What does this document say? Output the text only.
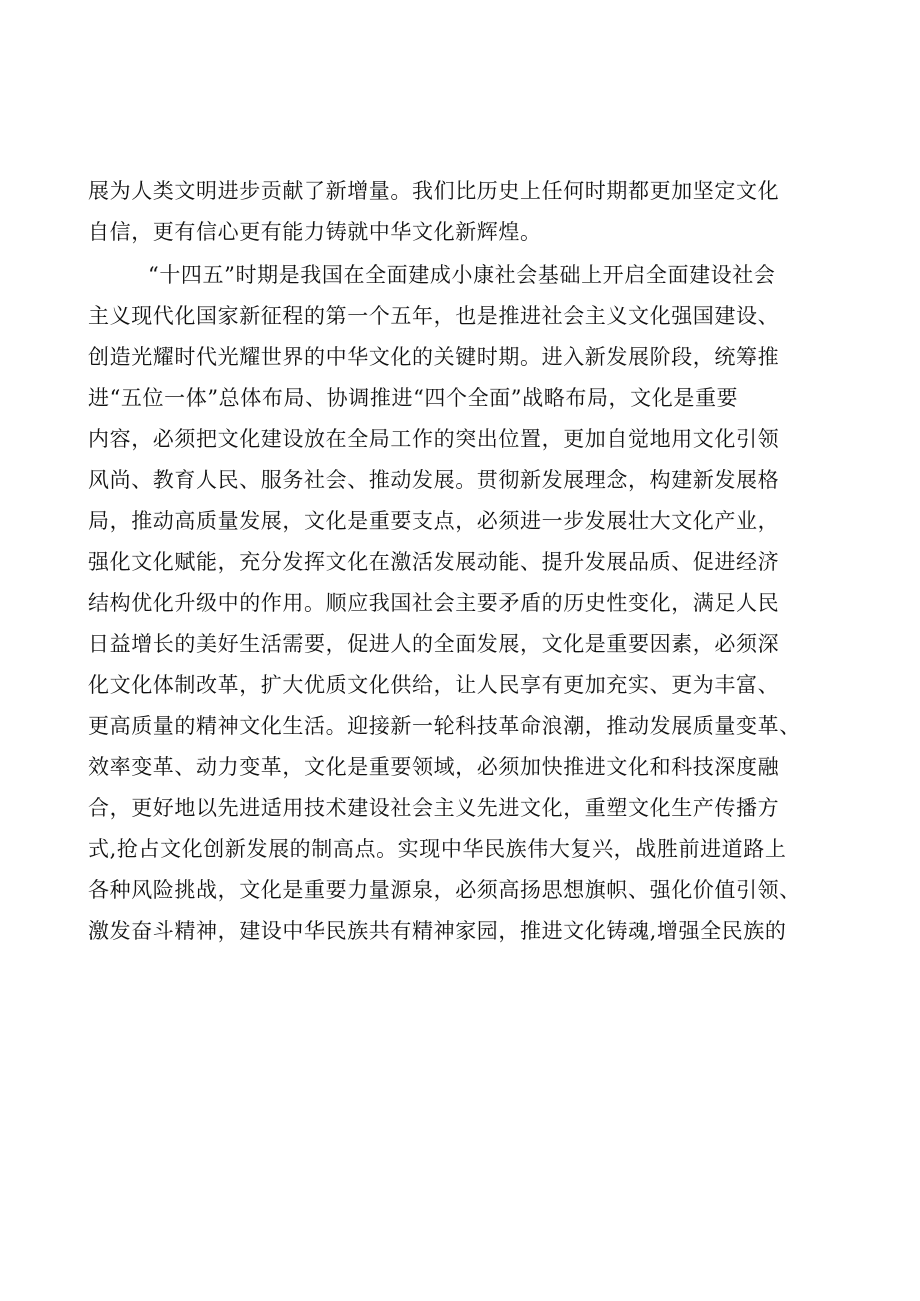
展为人类文明进步贡献了新增量。我们比历史上任何时期都更加坚定文化
自信，更有信心更有能力铸就中华文化新辉煌。
“十四五”时期是我国在全面建成小康社会基础上开启全面建设社会
主义现代化国家新征程的第一个五年，也是推进社会主义文化强国建设、
创造光耀时代光耀世界的中华文化的关键时期。进入新发展阶段，统筹推
进“五位一体”总体布局、协调推进“四个全面”战略布局，文化是重要
内容，必须把文化建设放在全局工作的突出位置，更加自觉地用文化引领
风尚、教育人民、服务社会、推动发展。贯彻新发展理念，构建新发展格
局，推动高质量发展，文化是重要支点，必须进一步发展壮大文化产业，
强化文化赋能，充分发挥文化在激活发展动能、提升发展品质、促进经济
结构优化升级中的作用。顺应我国社会主要矛盾的历史性变化，满足人民
日益增长的美好生活需要，促进人的全面发展，文化是重要因素，必须深
化文化体制改革，扩大优质文化供给，让人民享有更加充实、更为丰富、
更高质量的精神文化生活。迎接新一轮科技革命浪潮，推动发展质量变革、
效率变革、动力变革，文化是重要领域，必须加快推进文化和科技深度融
合，更好地以先进适用技术建设社会主义先进文化，重塑文化生产传播方
式,抢占文化创新发展的制高点。实现中华民族伟大复兴，战胜前进道路上
各种风险挑战，文化是重要力量源泉，必须高扬思想旗帜、强化价值引领、
激发奋斗精神，建设中华民族共有精神家园，推进文化铸魂,增强全民族的
